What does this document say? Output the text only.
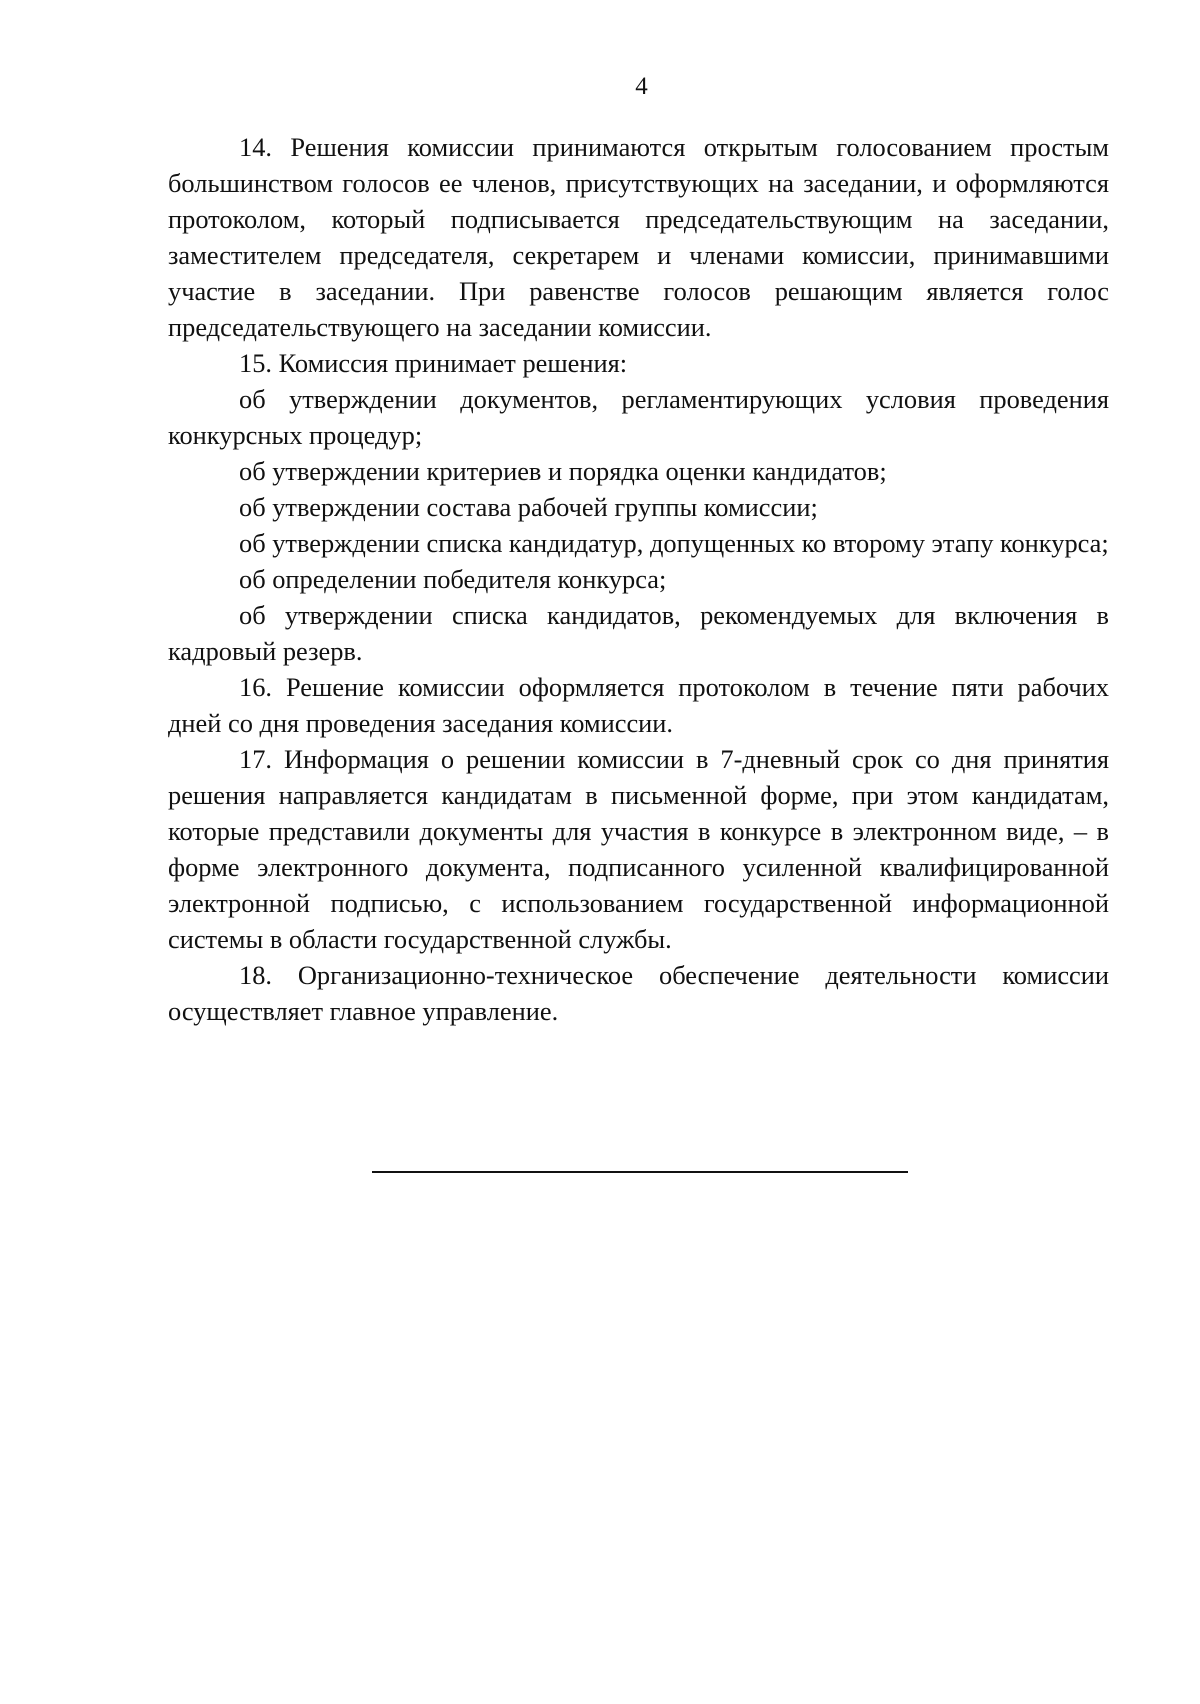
4

14. Решения комиссии принимаются открытым голосованием простым большинством голосов ее членов, присутствующих на заседании, и оформляются протоколом, который подписывается председательствующим на заседании, заместителем председателя, секретарем и членами комиссии, принимавшими участие в заседании. При равенстве голосов решающим является голос председательствующего на заседании комиссии.

15. Комиссия принимает решения:

об утверждении документов, регламентирующих условия проведения конкурсных процедур;

об утверждении критериев и порядка оценки кандидатов;

об утверждении состава рабочей группы комиссии;

об утверждении списка кандидатур, допущенных ко второму этапу конкурса;

об определении победителя конкурса;

об утверждении списка кандидатов, рекомендуемых для включения в кадровый резерв.

16. Решение комиссии оформляется протоколом в течение пяти рабочих дней со дня проведения заседания комиссии.

17. Информация о решении комиссии в 7-дневный срок со дня принятия решения направляется кандидатам в письменной форме, при этом кандидатам, которые представили документы для участия в конкурсе в электронном виде, – в форме электронного документа, подписанного усиленной квалифицированной электронной подписью, с использованием государственной информационной системы в области государственной службы.

18. Организационно-техническое обеспечение деятельности комиссии осуществляет главное управление.
